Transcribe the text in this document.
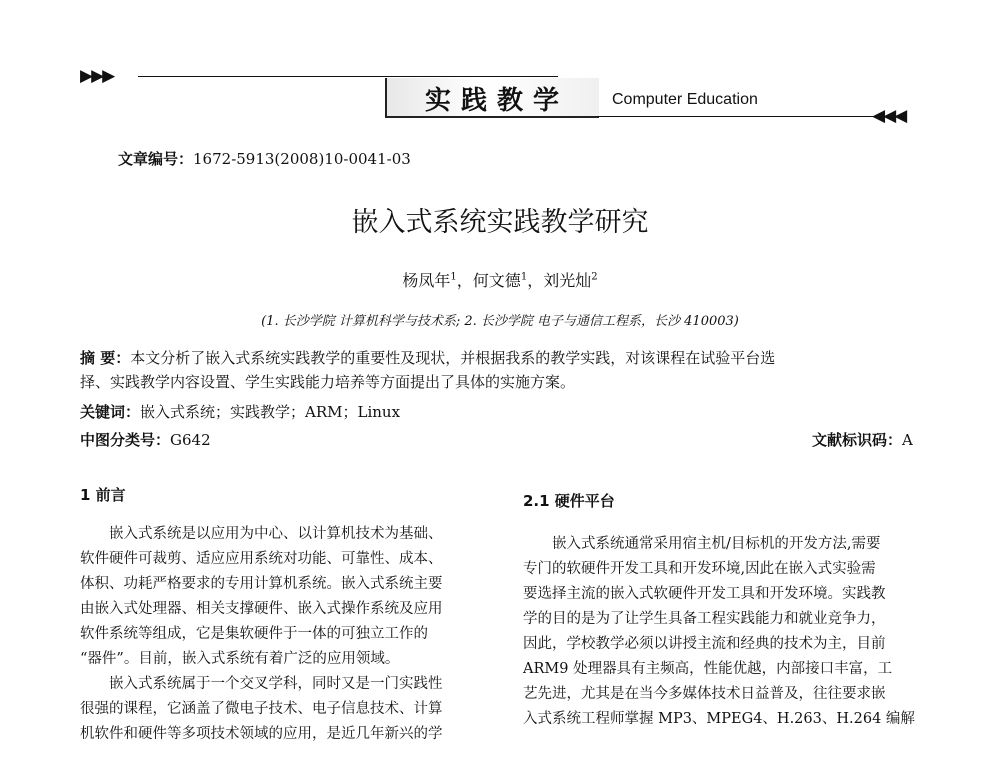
▶▶▶
实践教学	Computer Education
◀◀◀
文章编号：1672-5913(2008)10-0041-03
嵌入式系统实践教学研究
杨凤年$^1$，何文德$^1$，刘光灿$^2$
(1. 长沙学院 计算机科学与技术系; 2. 长沙学院 电子与通信工程系，长沙 410003)
摘 要：本文分析了嵌入式系统实践教学的重要性及现状，并根据我系的教学实践，对该课程在试验平台选
择、实践教学内容设置、学生实践能力培养等方面提出了具体的实施方案。
关键词：嵌入式系统；实践教学；ARM；Linux
中图分类号：G642	文献标识码：A
1 前言
嵌入式系统是以应用为中心、以计算机技术为基础、
软件硬件可裁剪、适应应用系统对功能、可靠性、成本、
体积、功耗严格要求的专用计算机系统。嵌入式系统主要
由嵌入式处理器、相关支撑硬件、嵌入式操作系统及应用
软件系统等组成，它是集软硬件于一体的可独立工作的
“器件”。目前，嵌入式系统有着广泛的应用领域。
嵌入式系统属于一个交叉学科，同时又是一门实践性
很强的课程，它涵盖了微电子技术、电子信息技术、计算
机软件和硬件等多项技术领域的应用，是近几年新兴的学
2.1 硬件平台
嵌入式系统通常采用宿主机/目标机的开发方法,需要
专门的软硬件开发工具和开发环境,因此在嵌入式实验需
要选择主流的嵌入式软硬件开发工具和开发环境。实践教
学的目的是为了让学生具备工程实践能力和就业竞争力，
因此，学校教学必须以讲授主流和经典的技术为主，目前
ARM9 处理器具有主频高，性能优越，内部接口丰富，工
艺先进，尤其是在当今多媒体技术日益普及，往往要求嵌
入式系统工程师掌握 MP3、MPEG4、H.263、H.264 编解
